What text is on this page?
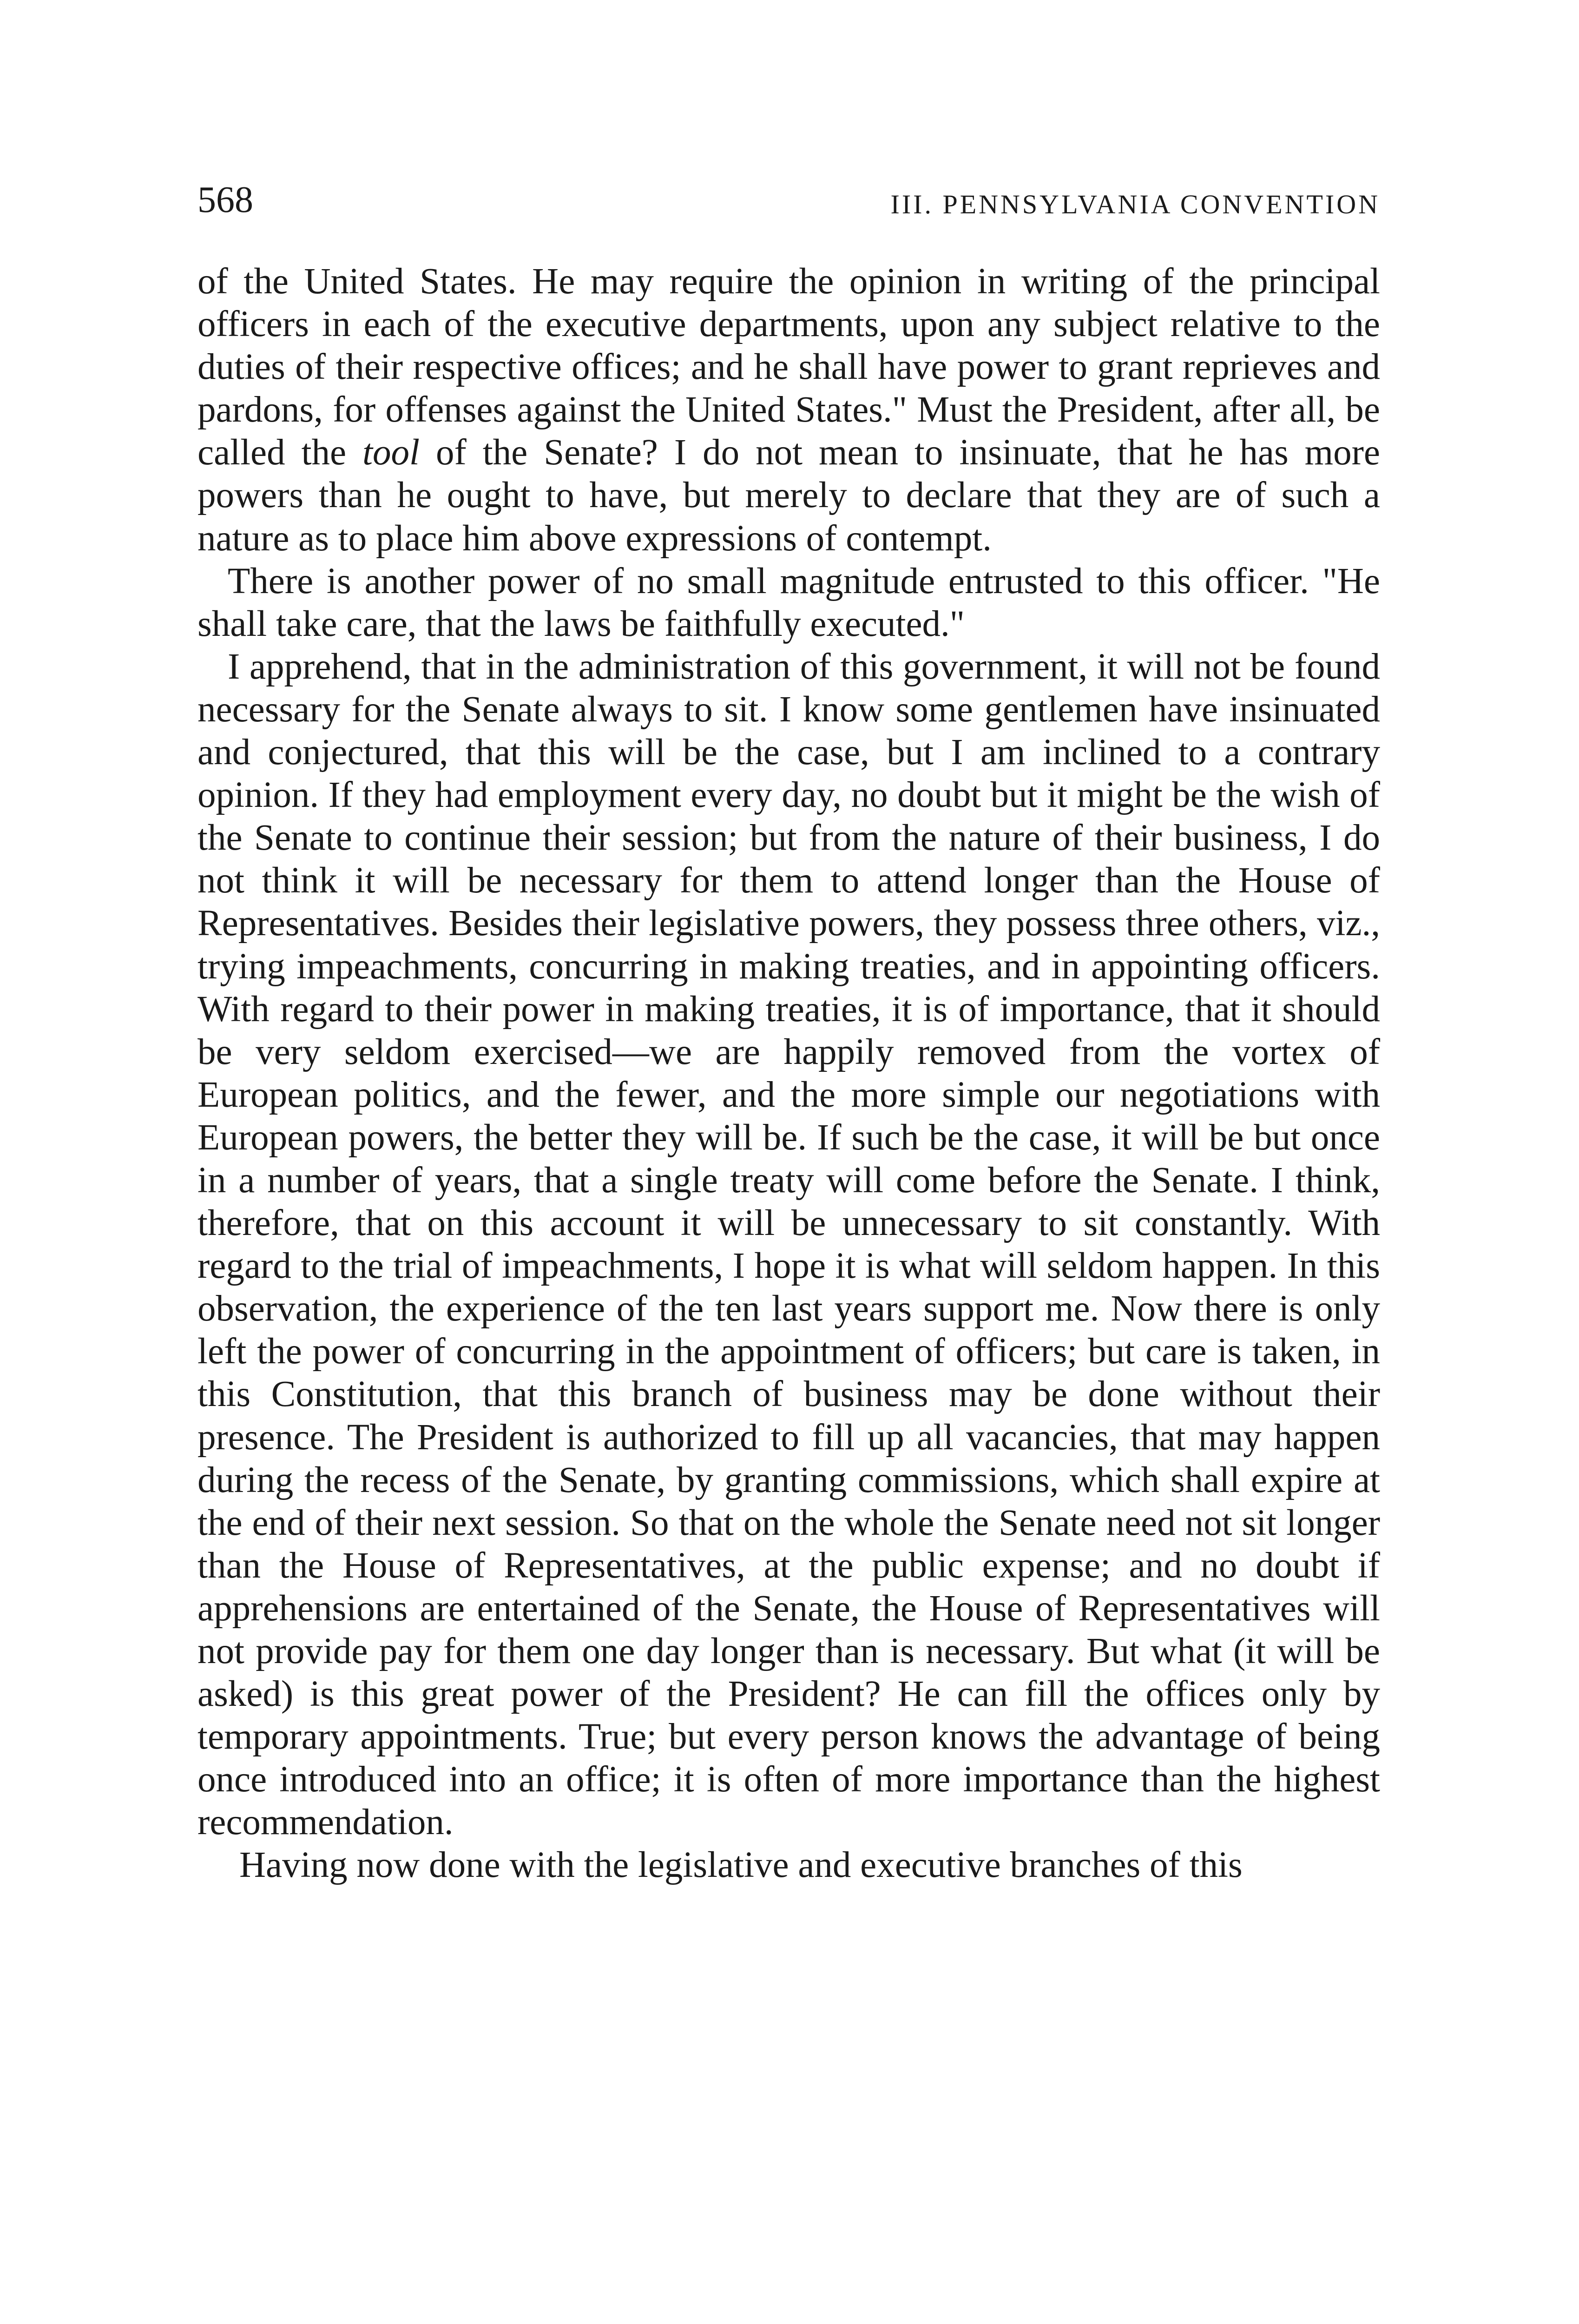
568	III. PENNSYLVANIA CONVENTION

of the United States. He may require the opinion in writing of the principal officers in each of the executive departments, upon any subject relative to the duties of their respective offices; and he shall have power to grant reprieves and pardons, for offenses against the United States." Must the President, after all, be called the tool of the Senate? I do not mean to insinuate, that he has more powers than he ought to have, but merely to declare that they are of such a nature as to place him above expressions of contempt.

There is another power of no small magnitude entrusted to this officer. "He shall take care, that the laws be faithfully executed."

I apprehend, that in the administration of this government, it will not be found necessary for the Senate always to sit. I know some gentlemen have insinuated and conjectured, that this will be the case, but I am inclined to a contrary opinion. If they had employment every day, no doubt but it might be the wish of the Senate to continue their session; but from the nature of their business, I do not think it will be necessary for them to attend longer than the House of Representatives. Besides their legislative powers, they possess three others, viz., trying impeachments, concurring in making treaties, and in appointing officers. With regard to their power in making treaties, it is of importance, that it should be very seldom exercised—we are happily removed from the vortex of European politics, and the fewer, and the more simple our negotiations with European powers, the better they will be. If such be the case, it will be but once in a number of years, that a single treaty will come before the Senate. I think, therefore, that on this account it will be unnecessary to sit constantly. With regard to the trial of impeachments, I hope it is what will seldom happen. In this observation, the experience of the ten last years support me. Now there is only left the power of concurring in the appointment of officers; but care is taken, in this Constitution, that this branch of business may be done without their presence. The President is authorized to fill up all vacancies, that may happen during the recess of the Senate, by granting commissions, which shall expire at the end of their next session. So that on the whole the Senate need not sit longer than the House of Representatives, at the public expense; and no doubt if apprehensions are entertained of the Senate, the House of Representatives will not provide pay for them one day longer than is necessary. But what (it will be asked) is this great power of the President? He can fill the offices only by temporary appointments. True; but every person knows the advantage of being once introduced into an office; it is often of more importance than the highest recommendation.

Having now done with the legislative and executive branches of this
